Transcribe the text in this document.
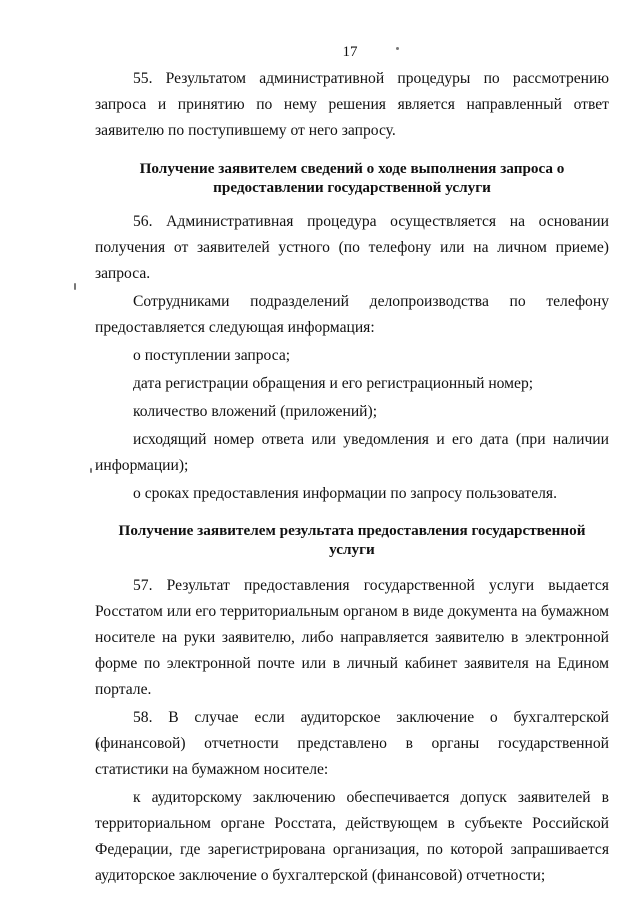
17

55. Результатом административной процедуры по рассмотрению запроса и принятию по нему решения является направленный ответ заявителю по поступившему от него запросу.

Получение заявителем сведений о ходе выполнения запроса о предоставлении государственной услуги

56. Административная процедура осуществляется на основании получения от заявителей устного (по телефону или на личном приеме) запроса.

Сотрудниками подразделений делопроизводства по телефону предоставляется следующая информация:

о поступлении запроса;

дата регистрации обращения и его регистрационный номер;

количество вложений (приложений);

исходящий номер ответа или уведомления и его дата (при наличии информации);

о сроках предоставления информации по запросу пользователя.

Получение заявителем результата предоставления государственной услуги

57. Результат предоставления государственной услуги выдается Росстатом или его территориальным органом в виде документа на бумажном носителе на руки заявителю, либо направляется заявителю в электронной форме по электронной почте или в личный кабинет заявителя на Едином портале.

58. В случае если аудиторское заключение о бухгалтерской (финансовой) отчетности представлено в органы государственной статистики на бумажном носителе:

к аудиторскому заключению обеспечивается допуск заявителей в территориальном органе Росстата, действующем в субъекте Российской Федерации, где зарегистрирована организация, по которой запрашивается аудиторское заключение о бухгалтерской (финансовой) отчетности;
